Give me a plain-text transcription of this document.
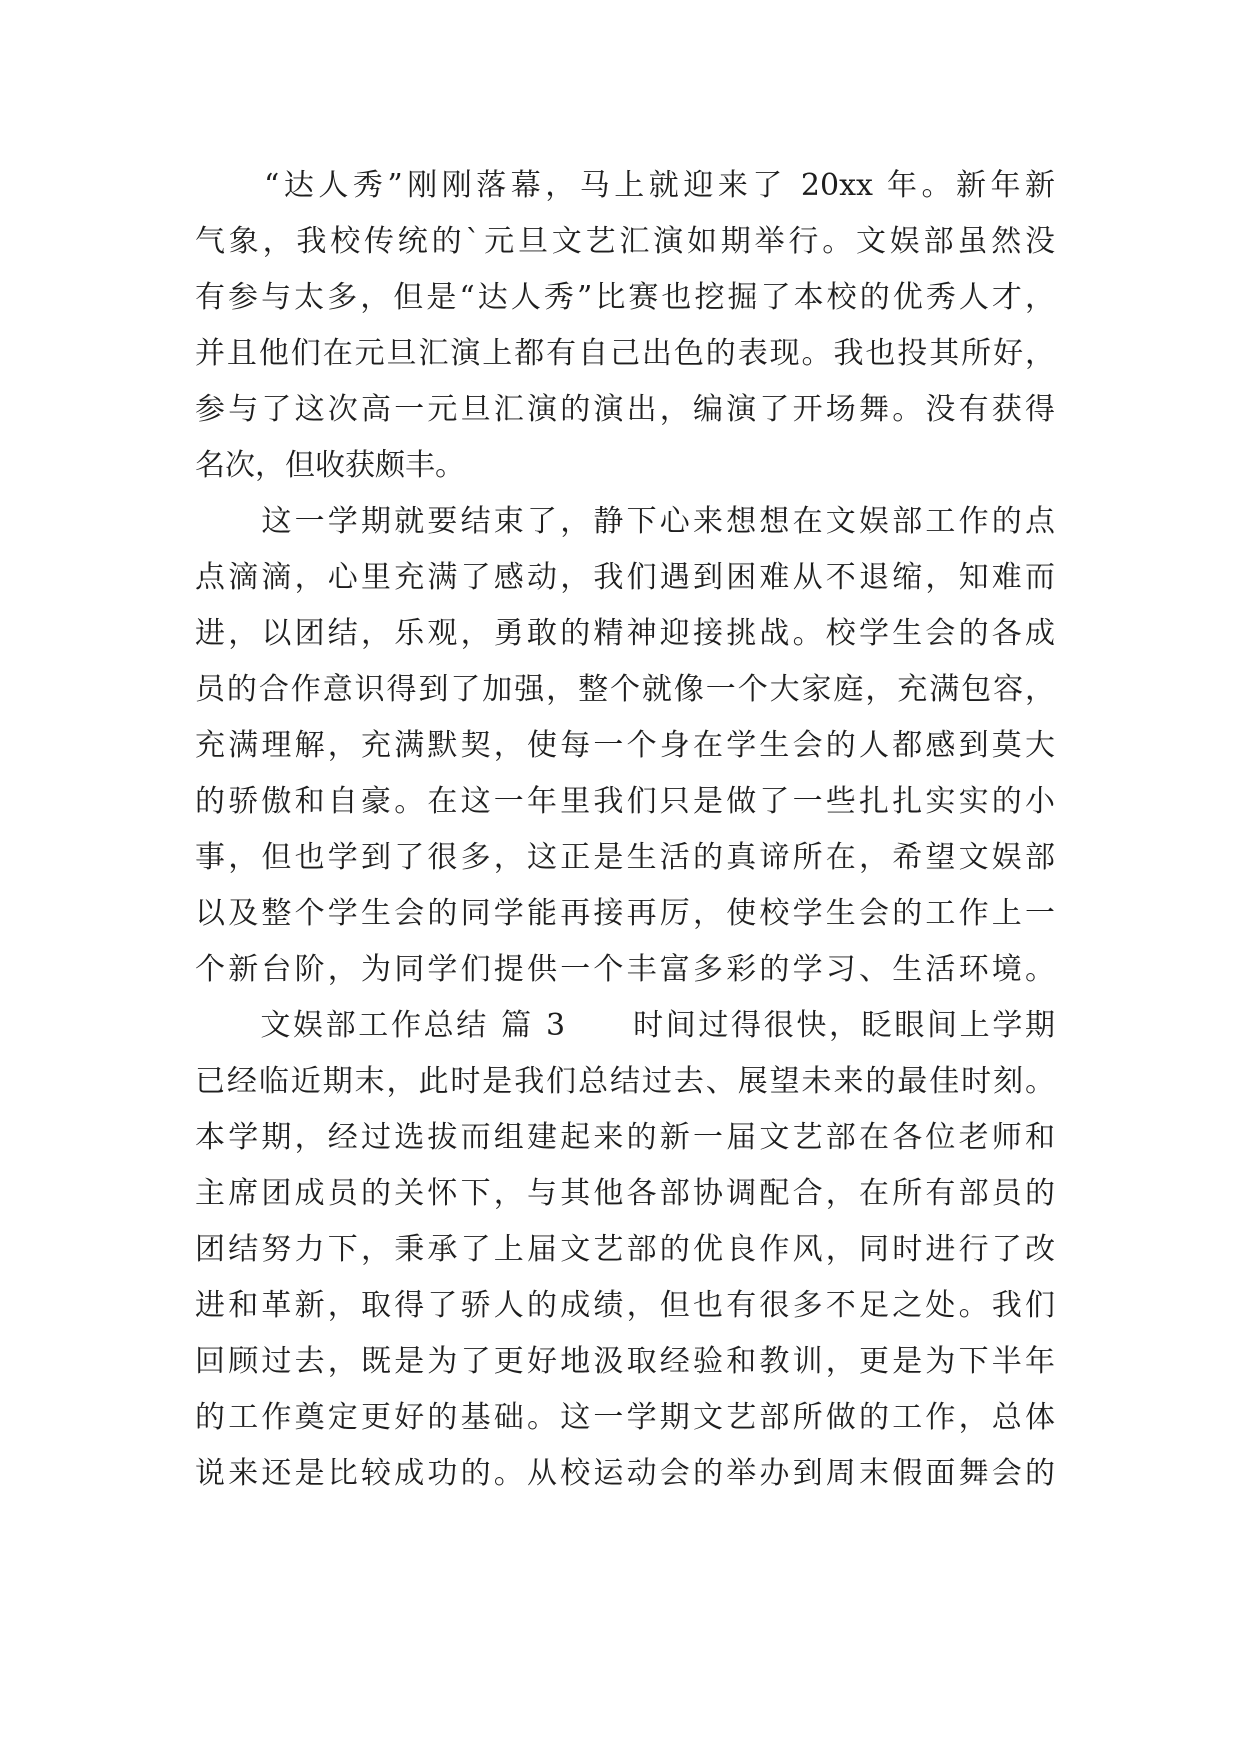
　　“达人秀”刚刚落幕，马上就迎来了 20xx 年。新年新
气象，我校传统的`元旦文艺汇演如期举行。文娱部虽然没
有参与太多，但是“达人秀”比赛也挖掘了本校的优秀人才，
并且他们在元旦汇演上都有自己出色的表现。我也投其所好，
参与了这次高一元旦汇演的演出，编演了开场舞。没有获得
名次，但收获颇丰。
　　这一学期就要结束了，静下心来想想在文娱部工作的点
点滴滴，心里充满了感动，我们遇到困难从不退缩，知难而
进，以团结，乐观，勇敢的精神迎接挑战。校学生会的各成
员的合作意识得到了加强，整个就像一个大家庭，充满包容，
充满理解，充满默契，使每一个身在学生会的人都感到莫大
的骄傲和自豪。在这一年里我们只是做了一些扎扎实实的小
事，但也学到了很多，这正是生活的真谛所在，希望文娱部
以及整个学生会的同学能再接再厉，使校学生会的工作上一
个新台阶，为同学们提供一个丰富多彩的学习、生活环境。
　　文娱部工作总结 篇 3　　时间过得很快，眨眼间上学期
已经临近期末，此时是我们总结过去、展望未来的最佳时刻。
本学期，经过选拔而组建起来的新一届文艺部在各位老师和
主席团成员的关怀下，与其他各部协调配合，在所有部员的
团结努力下，秉承了上届文艺部的优良作风，同时进行了改
进和革新，取得了骄人的成绩，但也有很多不足之处。我们
回顾过去，既是为了更好地汲取经验和教训，更是为下半年
的工作奠定更好的基础。这一学期文艺部所做的工作，总体
说来还是比较成功的。从校运动会的举办到周末假面舞会的
